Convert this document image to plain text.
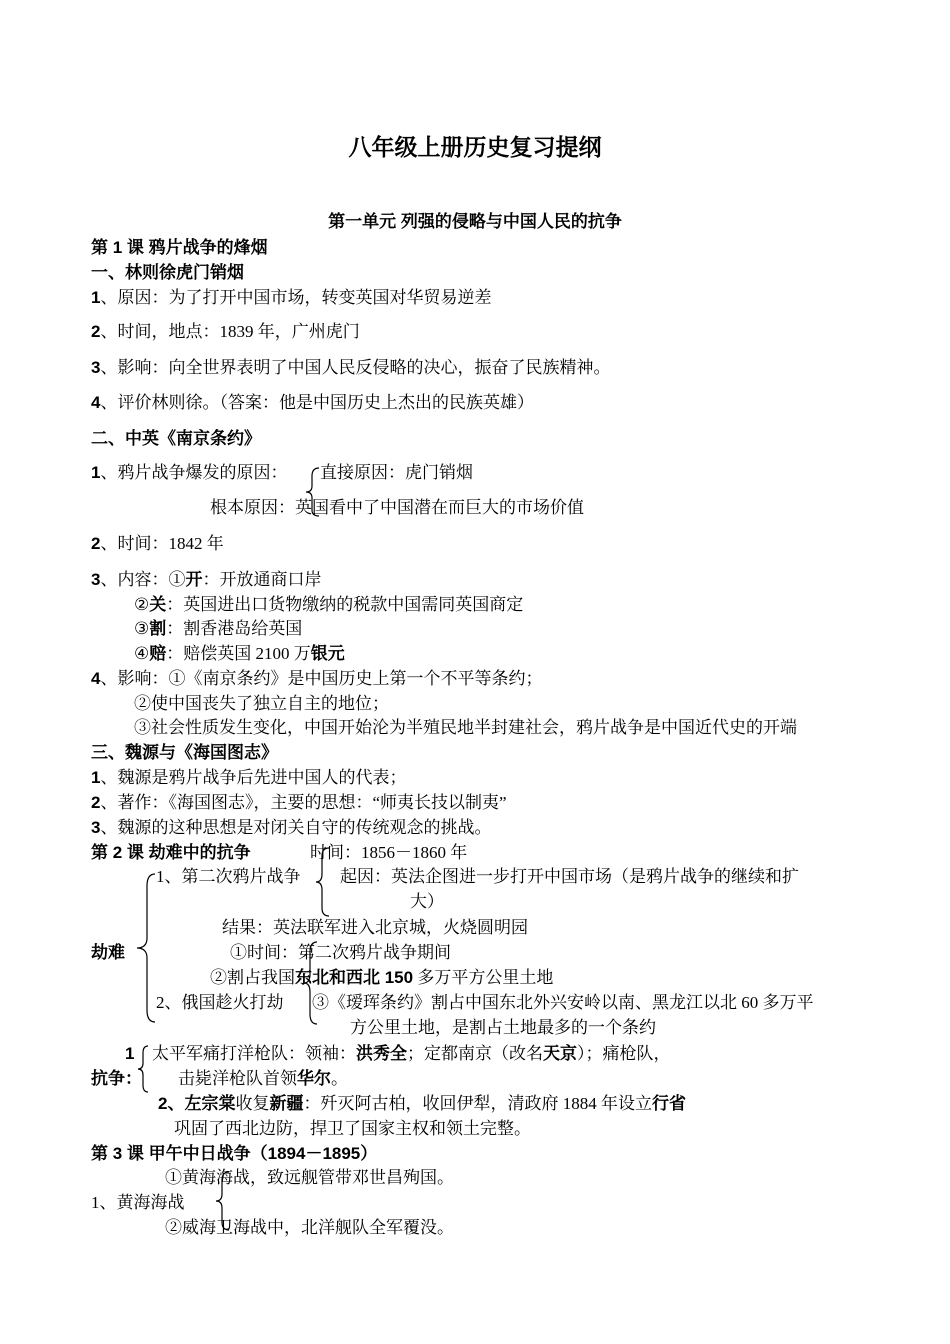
八年级上册历史复习提纲
第一单元 列强的侵略与中国人民的抗争
第 1 课 鸦片战争的烽烟
一、林则徐虎门销烟
1、原因：为了打开中国市场，转变英国对华贸易逆差
2、时间，地点：1839 年，广州虎门
3、影响：向全世界表明了中国人民反侵略的决心，振奋了民族精神。
4、评价林则徐。（答案：他是中国历史上杰出的民族英雄）
二、中英《南京条约》
1、鸦片战争爆发的原因： 直接原因：虎门销烟
根本原因：英国看中了中国潜在而巨大的市场价值
2、时间：1842 年
3、内容：①开：开放通商口岸
②关：英国进出口货物缴纳的税款中国需同英国商定
③割：割香港岛给英国
④赔：赔偿英国 2100 万银元
4、影响：①《南京条约》是中国历史上第一个不平等条约；
②使中国丧失了独立自主的地位；
③社会性质发生变化，中国开始沦为半殖民地半封建社会，鸦片战争是中国近代史的开端
三、魏源与《海国图志》
1、魏源是鸦片战争后先进中国人的代表；
2、著作：《海国图志》，主要的思想：“师夷长技以制夷”
3、魏源的这种思想是对闭关自守的传统观念的挑战。
第 2 课 劫难中的抗争	时间：1856－1860 年
1、第二次鸦片战争 起因：英法企图进一步打开中国市场（是鸦片战争的继续和扩
大）
结果：英法联军进入北京城，火烧圆明园
劫难	①时间：第二次鸦片战争期间
②割占我国东北和西北 150 多万平方公里土地
2、俄国趁火打劫 ③《瑷珲条约》割占中国东北外兴安岭以南、黑龙江以北 60 多万平
方公里土地，是割占土地最多的一个条约
1 太平军痛打洋枪队：领袖：洪秀全；定都南京（改名天京）；痛枪队，
抗争： 击毙洋枪队首领华尔。
2、左宗棠收复新疆：歼灭阿古柏，收回伊犁，清政府 1884 年设立行省
巩固了西北边防，捍卫了国家主权和领土完整。
第 3 课 甲午中日战争（1894－1895）
①黄海海战，致远舰管带邓世昌殉国。
1、黄海海战
②威海卫海战中，北洋舰队全军覆没。
